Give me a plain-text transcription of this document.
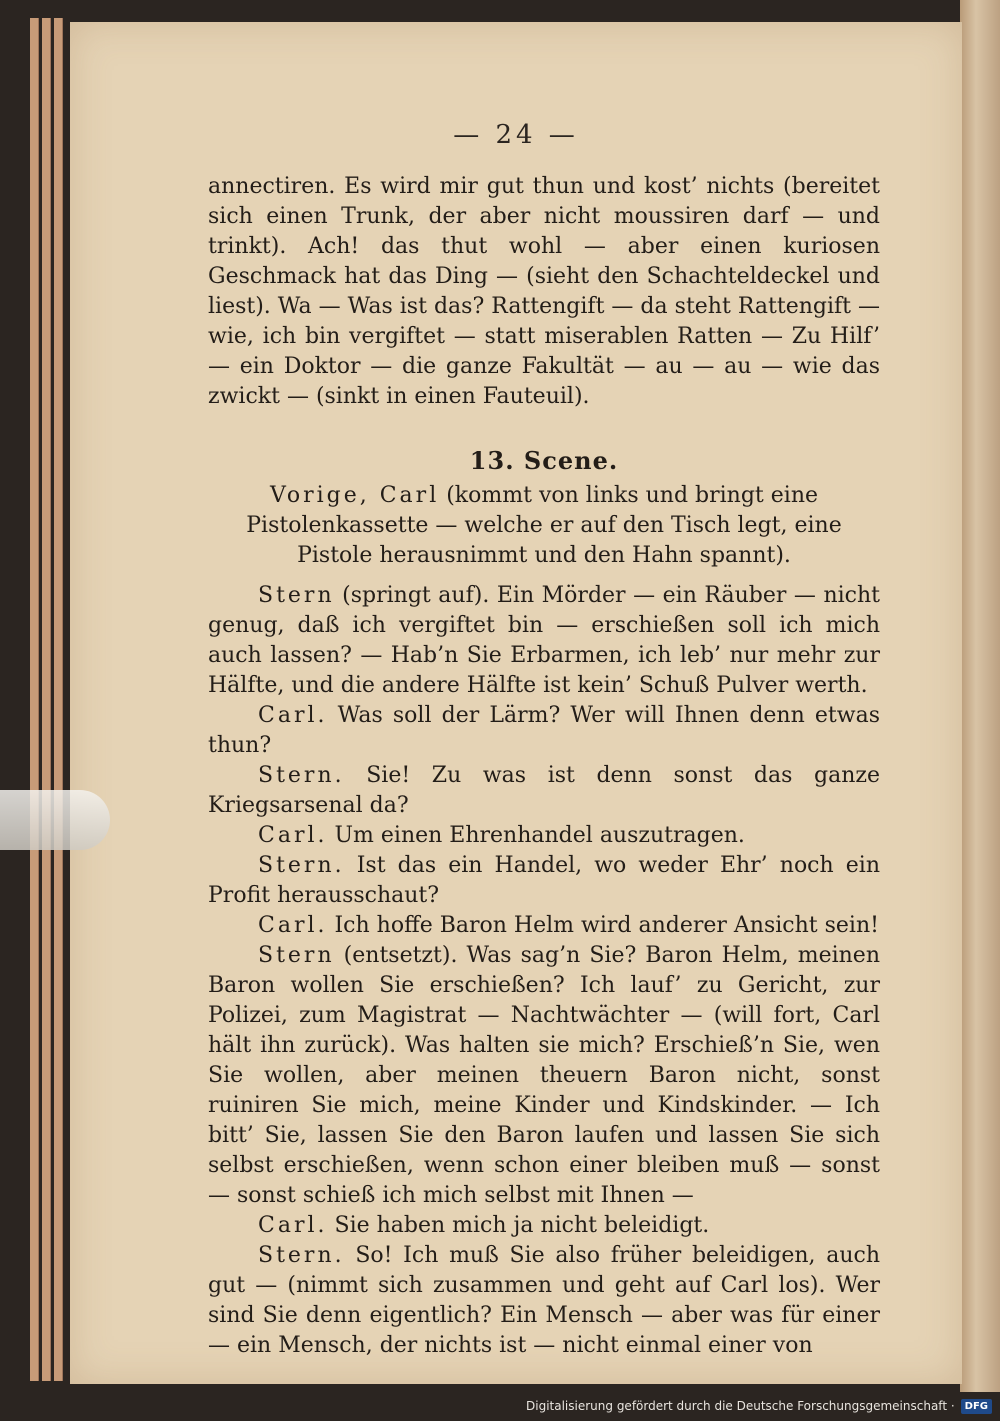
— 24 —

annectiren. Es wird mir gut thun und kost’ nichts (bereitet sich einen Trunk, der aber nicht moussiren darf — und trinkt). Ach! das thut wohl — aber einen kuriosen Geschmack hat das Ding — (sieht den Schachteldeckel und liest). Wa — Was ist das? Rattengift — da steht Rattengift — wie, ich bin vergiftet — statt miserablen Ratten — Zu Hilf’ — ein Doktor — die ganze Fakultät — au — au — wie das zwickt — (sinkt in einen Fauteuil).

13. Scene.

Vorige, Carl (kommt von links und bringt eine Pistolenkassette — welche er auf den Tisch legt, eine Pistole herausnimmt und den Hahn spannt).

Stern (springt auf). Ein Mörder — ein Räuber — nicht genug, daß ich vergiftet bin — erschießen soll ich mich auch lassen? — Hab’n Sie Erbarmen, ich leb’ nur mehr zur Hälfte, und die andere Hälfte ist kein’ Schuß Pulver werth.

Carl. Was soll der Lärm? Wer will Ihnen denn etwas thun?

Stern. Sie! Zu was ist denn sonst das ganze Kriegsarsenal da?

Carl. Um einen Ehrenhandel auszutragen.

Stern. Ist das ein Handel, wo weder Ehr’ noch ein Profit herausschaut?

Carl. Ich hoffe Baron Helm wird anderer Ansicht sein!

Stern (entsetzt). Was sag’n Sie? Baron Helm, meinen Baron wollen Sie erschießen? Ich lauf’ zu Gericht, zur Polizei, zum Magistrat — Nachtwächter — (will fort, Carl hält ihn zurück). Was halten sie mich? Erschieß’n Sie, wen Sie wollen, aber meinen theuern Baron nicht, sonst ruiniren Sie mich, meine Kinder und Kindskinder. — Ich bitt’ Sie, lassen Sie den Baron laufen und lassen Sie sich selbst erschießen, wenn schon einer bleiben muß — sonst — sonst schieß ich mich selbst mit Ihnen —

Carl. Sie haben mich ja nicht beleidigt.

Stern. So! Ich muß Sie also früher beleidigen, auch gut — (nimmt sich zusammen und geht auf Carl los). Wer sind Sie denn eigentlich? Ein Mensch — aber was für einer — ein Mensch, der nichts ist — nicht einmal einer von

Digitalisierung gefördert durch die Deutsche Forschungsgemeinschaft ·	DFG
